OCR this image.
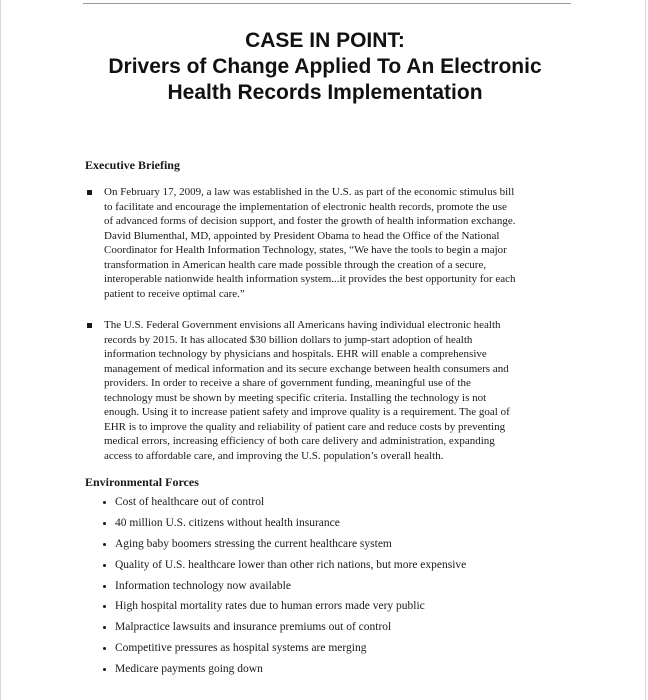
CASE IN POINT:
Drivers of Change Applied To An Electronic
Health Records Implementation
Executive Briefing

On February 17, 2009, a law was established in the U.S. as part of the economic stimulus bill
to facilitate and encourage the implementation of electronic health records, promote the use
of advanced forms of decision support, and foster the growth of health information exchange.
David Blumenthal, MD, appointed by President Obama to head the Office of the National
Coordinator for Health Information Technology, states, “We have the tools to begin a major
transformation in American health care made possible through the creation of a secure,
interoperable nationwide health information system...it provides the best opportunity for each
patient to receive optimal care.”

The U.S. Federal Government envisions all Americans having individual electronic health
records by 2015. It has allocated $30 billion dollars to jump-start adoption of health
information technology by physicians and hospitals. EHR will enable a comprehensive
management of medical information and its secure exchange between health consumers and
providers. In order to receive a share of government funding, meaningful use of the
technology must be shown by meeting specific criteria. Installing the technology is not
enough. Using it to increase patient safety and improve quality is a requirement. The goal of
EHR is to improve the quality and reliability of patient care and reduce costs by preventing
medical errors, increasing efficiency of both care delivery and administration, expanding
access to affordable care, and improving the U.S. population’s overall health.

Environmental Forces
Cost of healthcare out of control
40 million U.S. citizens without health insurance
Aging baby boomers stressing the current healthcare system
Quality of U.S. healthcare lower than other rich nations, but more expensive
Information technology now available
High hospital mortality rates due to human errors made very public
Malpractice lawsuits and insurance premiums out of control
Competitive pressures as hospital systems are merging
Medicare payments going down
